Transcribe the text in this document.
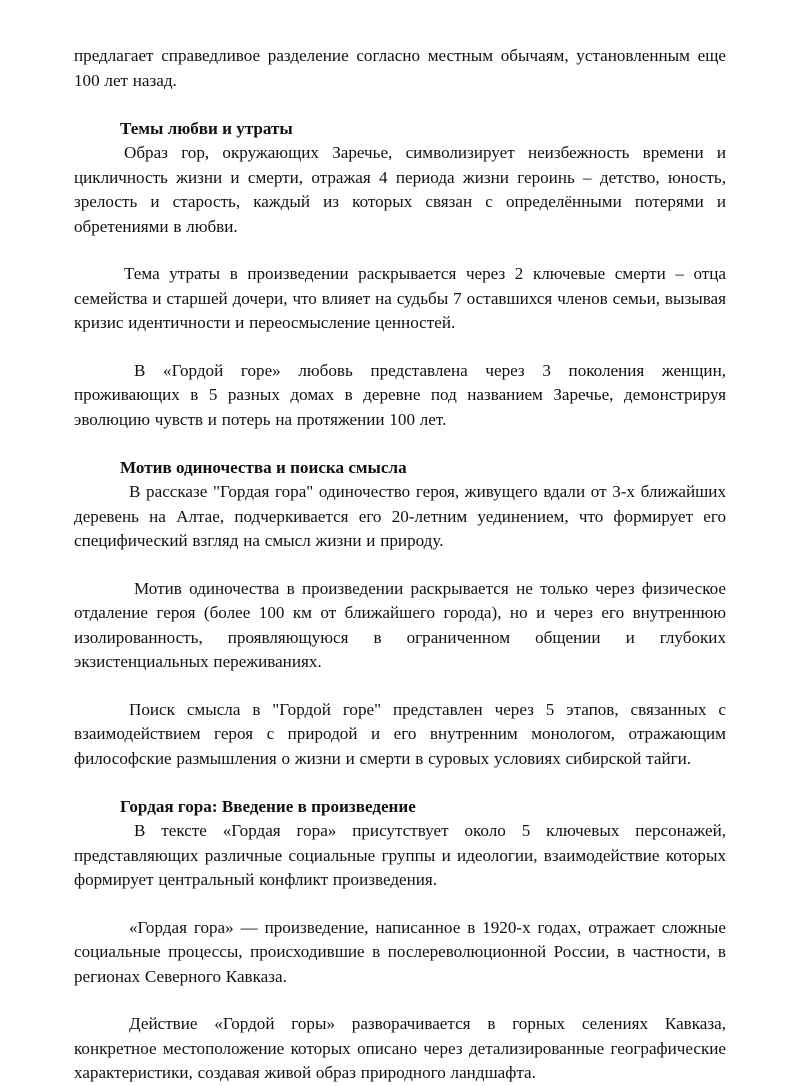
предлагает справедливое разделение согласно местным обычаям, установленным еще 100 лет назад.

Темы любви и утраты

Образ гор, окружающих Заречье, символизирует неизбежность времени и цикличность жизни и смерти, отражая 4 периода жизни героинь – детство, юность, зрелость и старость, каждый из которых связан с определёнными потерями и обретениями в любви.

Тема утраты в произведении раскрывается через 2 ключевые смерти – отца семейства и старшей дочери, что влияет на судьбы 7 оставшихся членов семьи, вызывая кризис идентичности и переосмысление ценностей.

В «Гордой горе» любовь представлена через 3 поколения женщин, проживающих в 5 разных домах в деревне под названием Заречье, демонстрируя эволюцию чувств и потерь на протяжении 100 лет.

Мотив одиночества и поиска смысла

В рассказе "Гордая гора" одиночество героя, живущего вдали от 3-х ближайших деревень на Алтае, подчеркивается его 20-летним уединением, что формирует его специфический взгляд на смысл жизни и природу.

Мотив одиночества в произведении раскрывается не только через физическое отдаление героя (более 100 км от ближайшего города), но и через его внутреннюю изолированность, проявляющуюся в ограниченном общении и глубоких экзистенциальных переживаниях.

Поиск смысла в "Гордой горе" представлен через 5 этапов, связанных с взаимодействием героя с природой и его внутренним монологом, отражающим философские размышления о жизни и смерти в суровых условиях сибирской тайги.

Гордая гора: Введение в произведение

В тексте «Гордая гора» присутствует около 5 ключевых персонажей, представляющих различные социальные группы и идеологии, взаимодействие которых формирует центральный конфликт произведения.

«Гордая гора» — произведение, написанное в 1920-х годах, отражает сложные социальные процессы, происходившие в послереволюционной России, в частности, в регионах Северного Кавказа.

Действие «Гордой горы» разворачивается в горных селениях Кавказа, конкретное местоположение которых описано через детализированные географические характеристики, создавая живой образ природного ландшафта.
